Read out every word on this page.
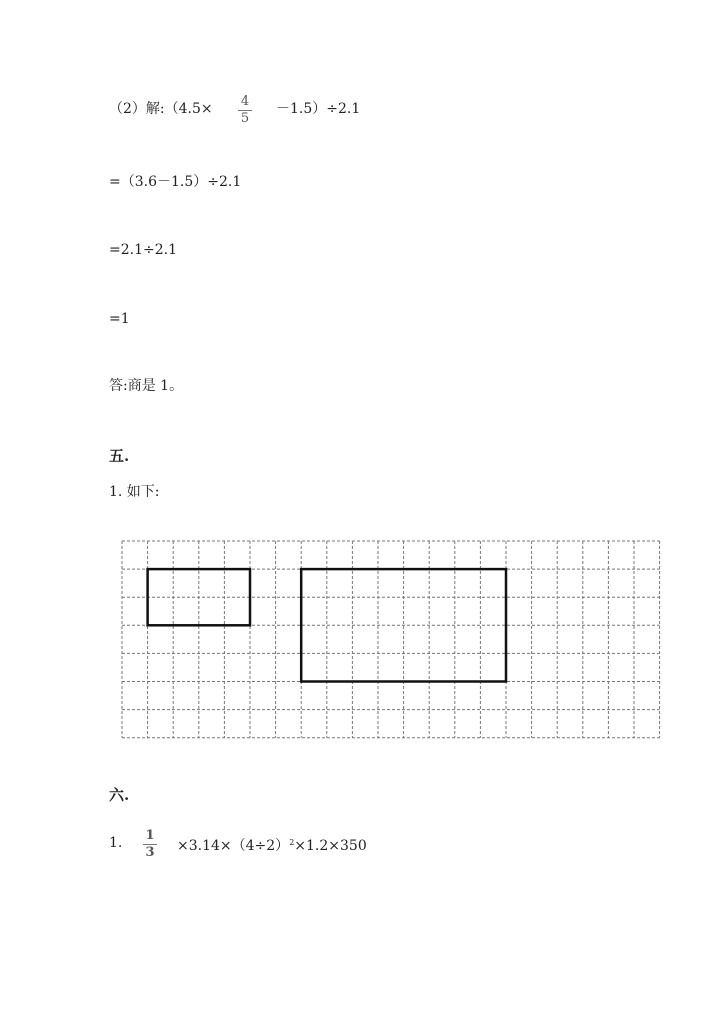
（2）解:（4.5× 4
5
－1.5）÷2.1
=（3.6－1.5）÷2.1
=2.1÷2.1
=1
答:商是 1。
五.
1. 如下:
六.
1. 1
$3 \times 3.14\times(4\div 2)^2\times 1.2\times 350$
